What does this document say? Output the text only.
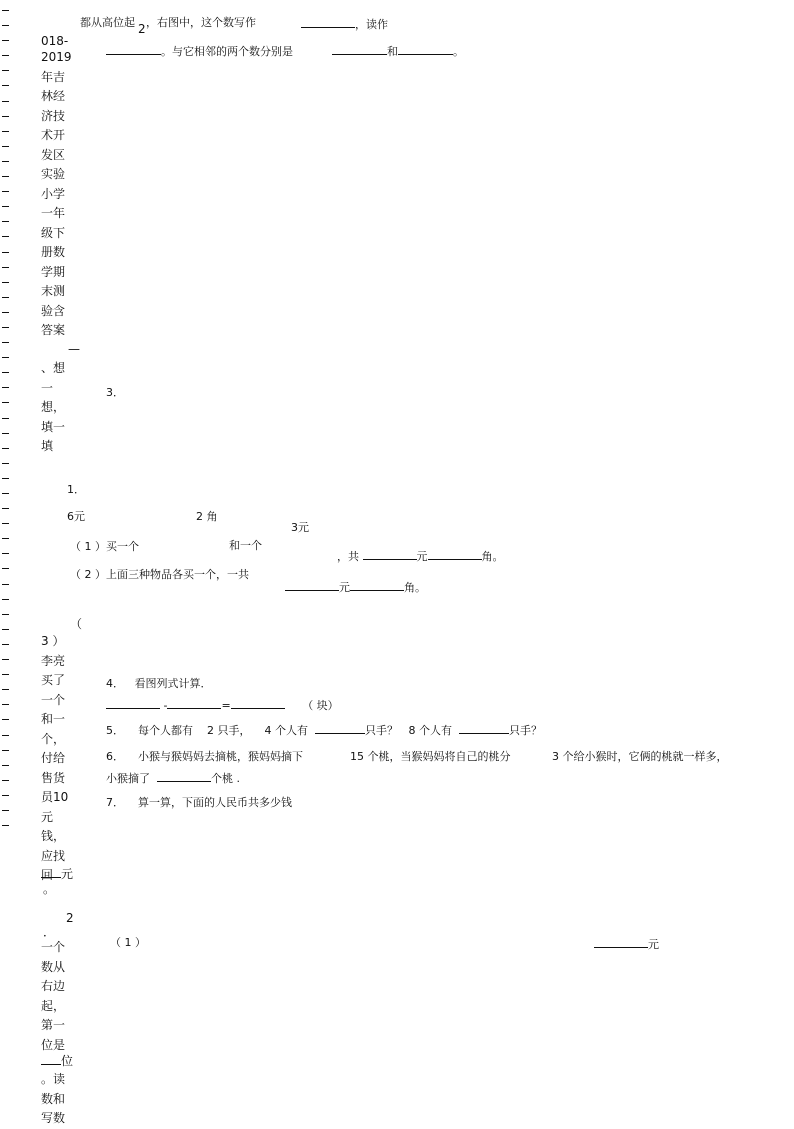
018-
2019年吉林经济技术开发区实验小学一年级下册数学期末测验含答案
—
、想一想，填一填
（
3 ）李亮买了一个和一个，付给售货员10元钱，应找回 元
。
2
．
一个数从右边起，第一位是
位
。读数和写数
都从高位起 2 ，右图中，这个数写作	，读作
。与它相邻的两个数分别是	和	。
3．
1．
6元	2 角
3元
（ 1 ）买一个	和一个
，共	元	角。
（ 2 ）上面三种物品各买一个，一共
元	角。
4． 看图列式计算．
-	=	（ 块）
5． 每个人都有 2 只手， 4 个人有	只手？ 8 个人有	只手？
6． 小猴与猴妈妈去摘桃，猴妈妈摘下	15 个桃，当猴妈妈将自己的桃分	3 个给小猴时，它俩的桃就一样多，
小猴摘了	个桃 .
7． 算一算，下面的人民币共多少钱
（ 1 ）	元
